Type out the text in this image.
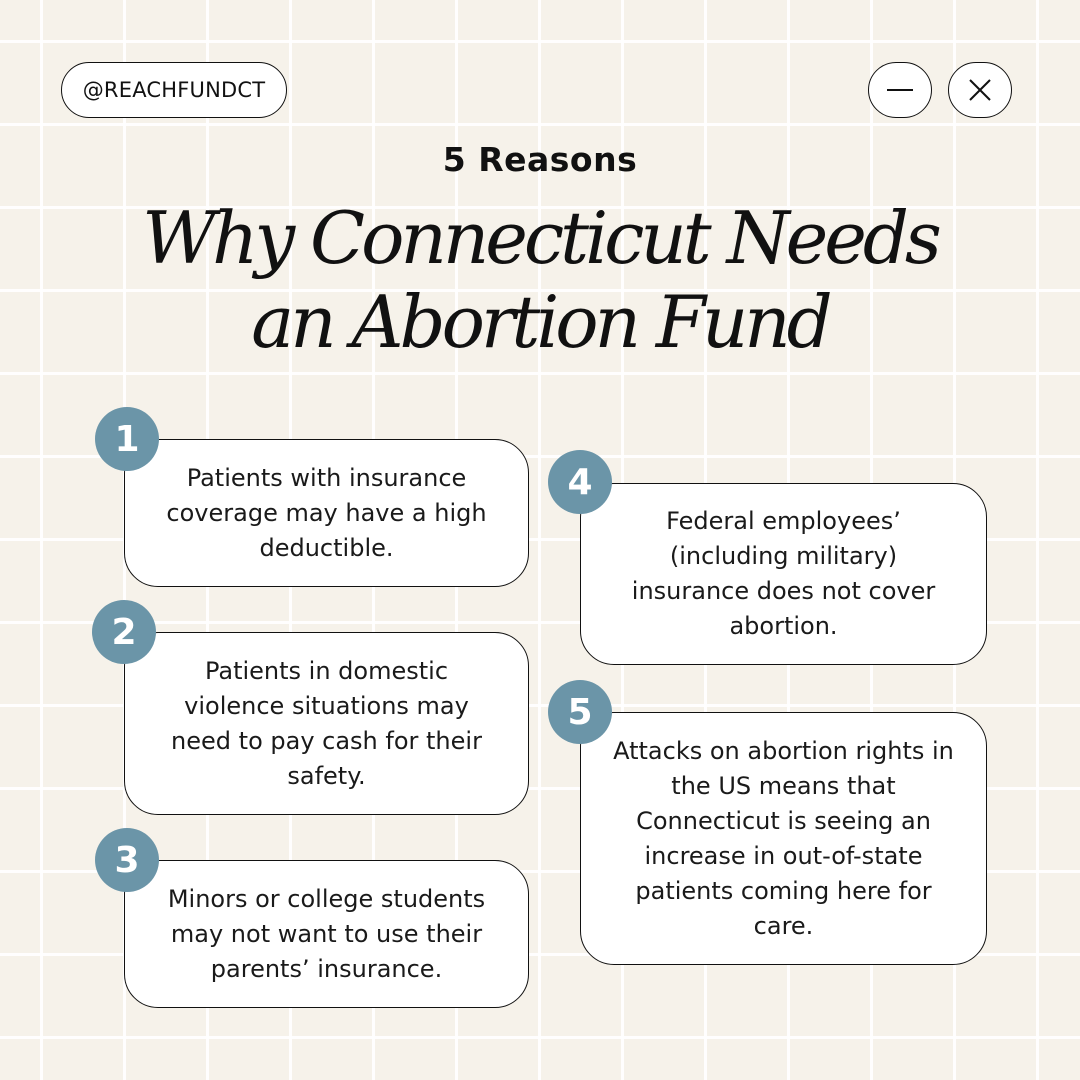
@REACHFUNDCT
5 Reasons
Why Connecticut Needs
an Abortion Fund
Patients with insurance coverage may have a high deductible.
1
Patients in domestic violence situations may need to pay cash for their safety.
2
Minors or college students may not want to use their parents’ insurance.
3
Federal employees’ (including military) insurance does not cover abortion.
4
Attacks on abortion rights in the US means that Connecticut is seeing an increase in out-of-state patients coming here for care.
5
